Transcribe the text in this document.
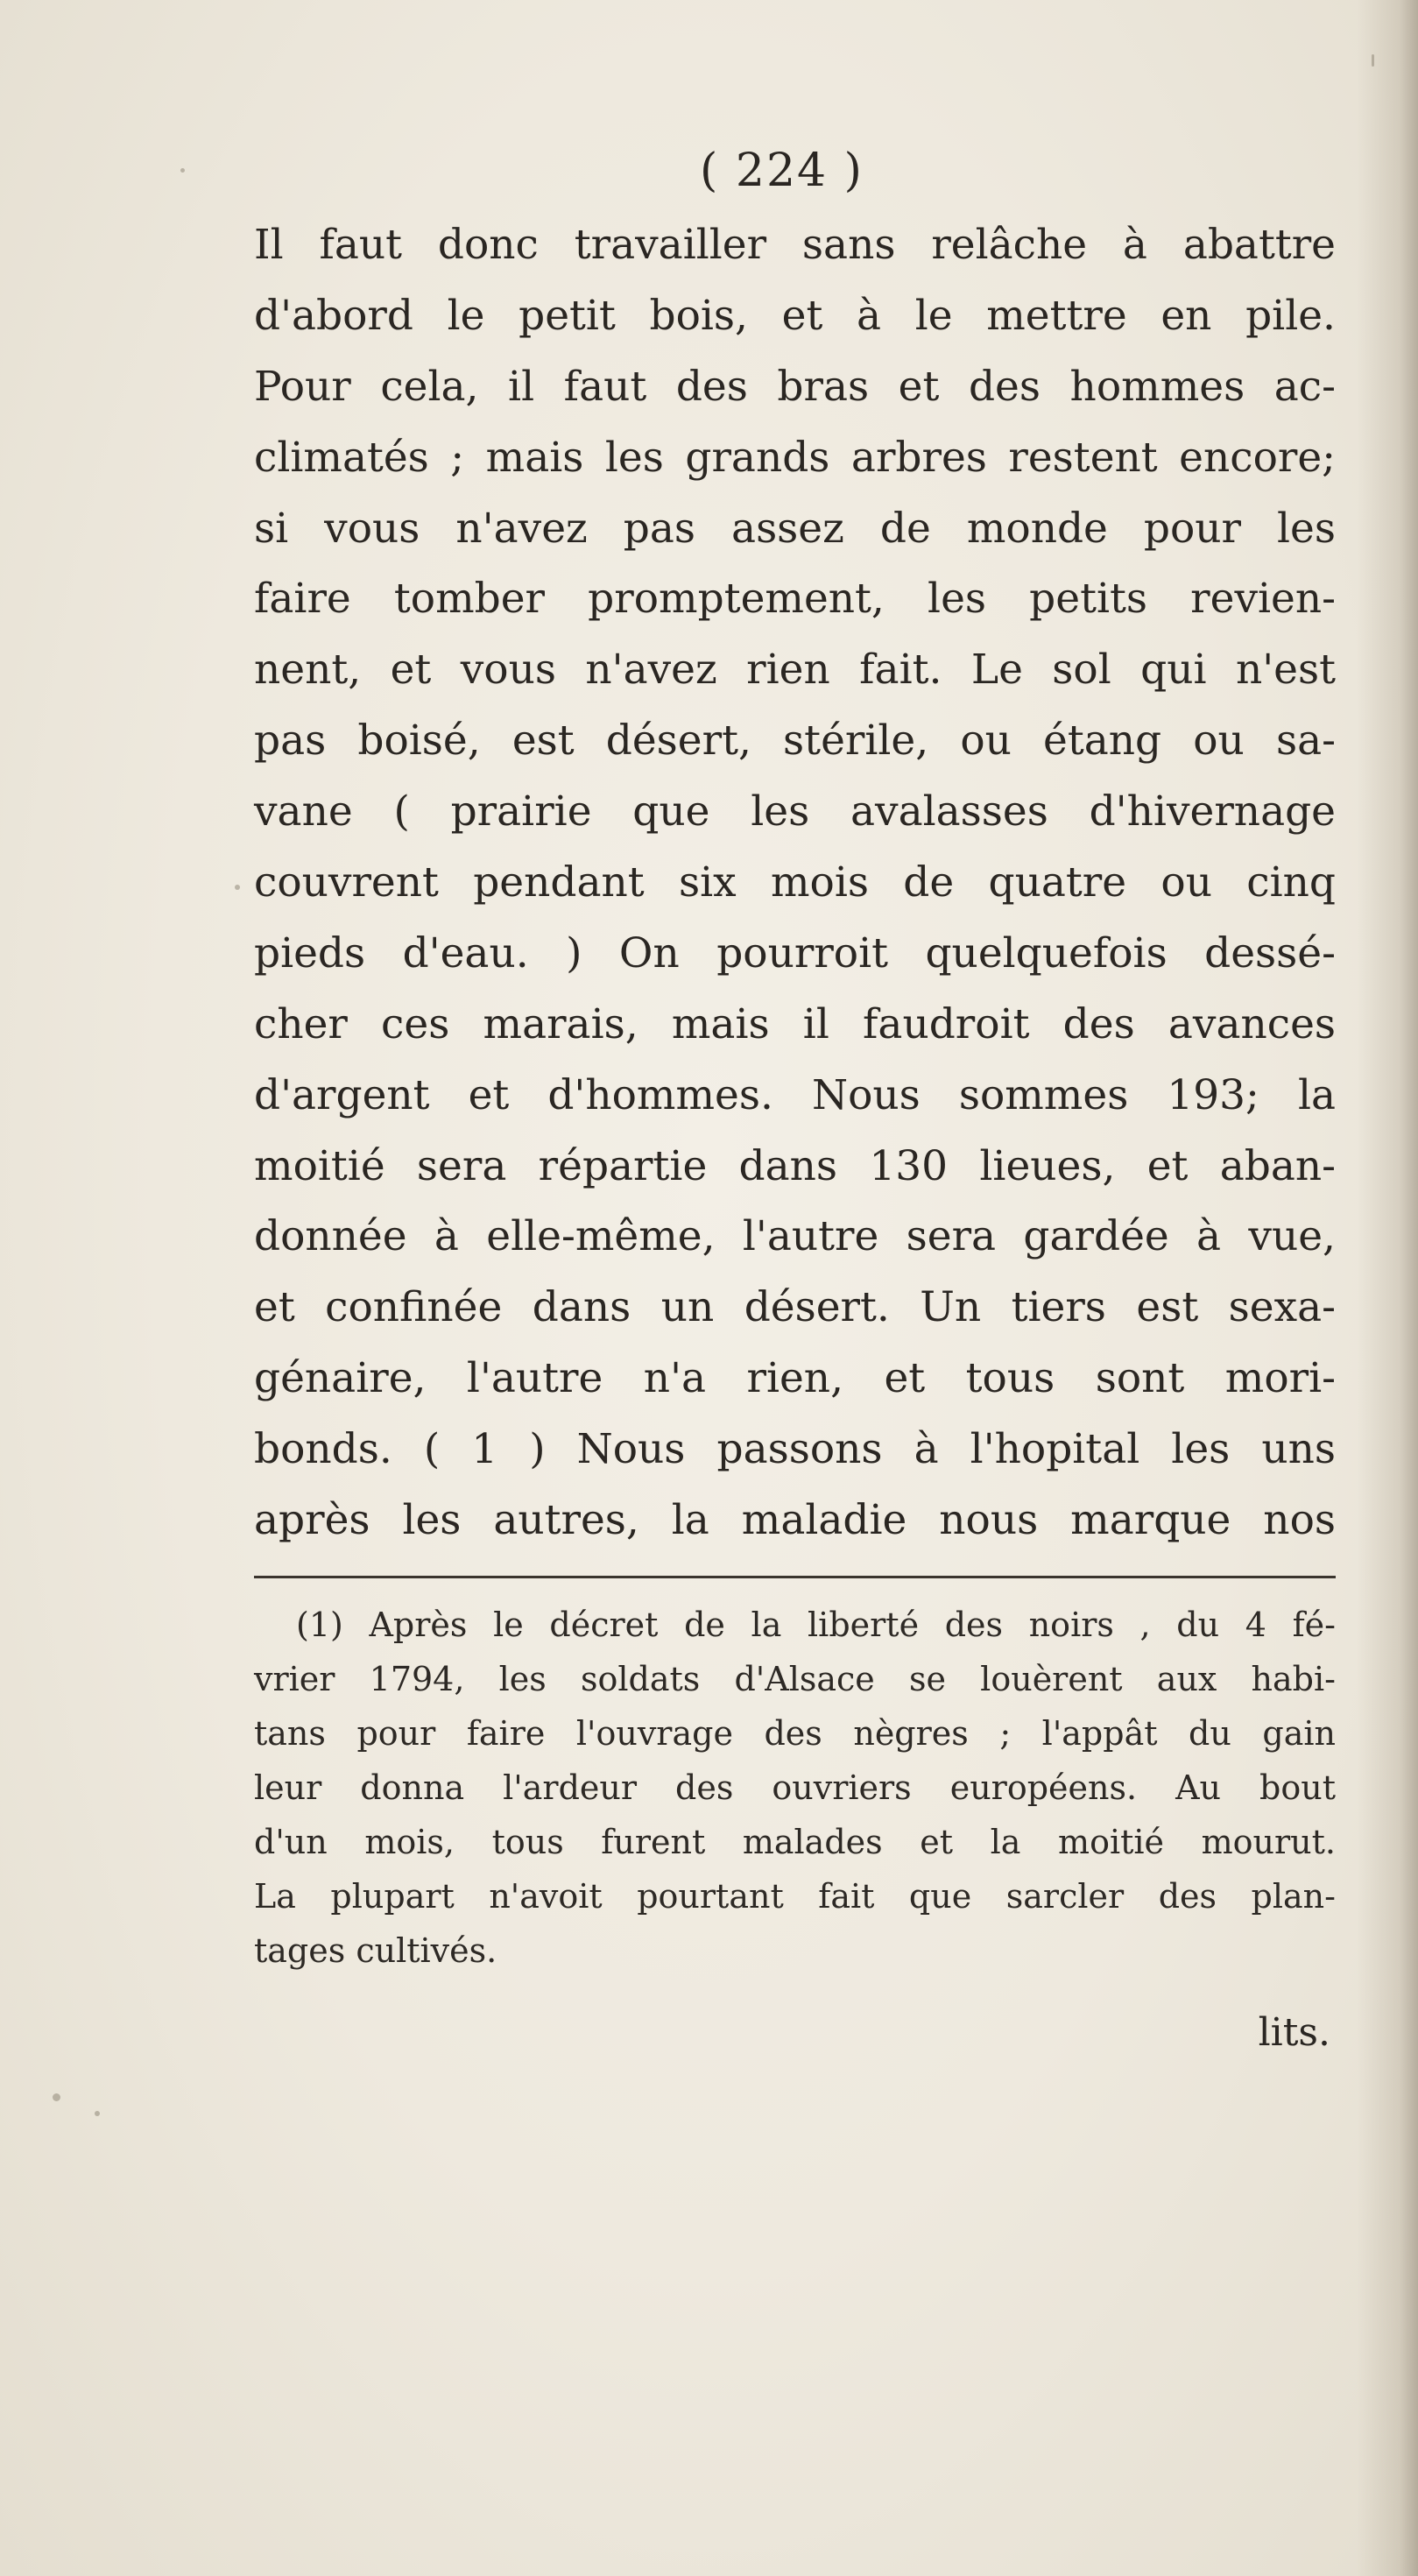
( 224 )
Il faut donc travailler sans relâche à abattre
d'abord le petit bois, et à le mettre en pile.
Pour cela, il faut des bras et des hommes ac-
climatés ; mais les grands arbres restent encore;
si vous n'avez pas assez de monde pour les
faire tomber promptement, les petits revien-
nent, et vous n'avez rien fait. Le sol qui n'est
pas boisé, est désert, stérile, ou étang ou sa-
vane ( prairie que les avalasses d'hivernage
couvrent pendant six mois de quatre ou cinq
pieds d'eau. ) On pourroit quelquefois dessé-
cher ces marais, mais il faudroit des avances
d'argent et d'hommes. Nous sommes 193; la
moitié sera répartie dans 130 lieues, et aban-
donnée à elle-même, l'autre sera gardée à vue,
et confinée dans un désert. Un tiers est sexa-
génaire, l'autre n'a rien, et tous sont mori-
bonds. ( 1 ) Nous passons à l'hopital les uns
après les autres, la maladie nous marque nos
(1) Après le décret de la liberté des noirs , du 4 fé-
vrier 1794, les soldats d'Alsace se louèrent aux habi-
tans pour faire l'ouvrage des nègres ; l'appât du gain
leur donna l'ardeur des ouvriers européens. Au bout
d'un mois, tous furent malades et la moitié mourut.
La plupart n'avoit pourtant fait que sarcler des plan-
tages cultivés.
lits.
